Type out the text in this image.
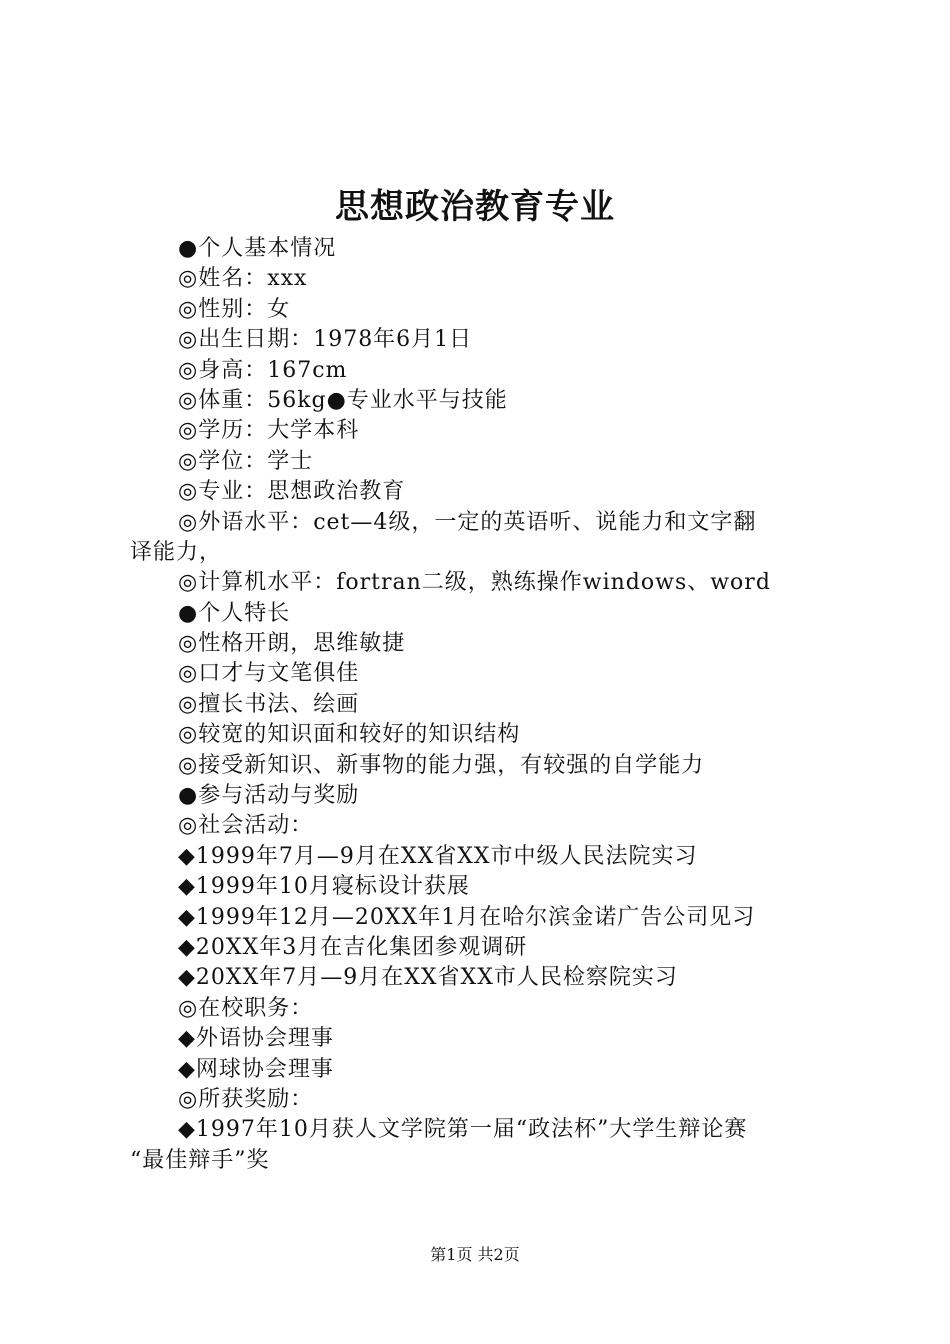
思想政治教育专业
●个人基本情况
◎姓名：xxx
◎性别：女
◎出生日期：1978年6月1日
◎身高：167cm
◎体重：56kg●专业水平与技能
◎学历：大学本科
◎学位：学士
◎专业：思想政治教育
◎外语水平：cet—4级，一定的英语听、说能力和文字翻
译能力，
◎计算机水平：fortran二级，熟练操作windows、word
●个人特长
◎性格开朗，思维敏捷
◎口才与文笔俱佳
◎擅长书法、绘画
◎较宽的知识面和较好的知识结构
◎接受新知识、新事物的能力强，有较强的自学能力
●参与活动与奖励
◎社会活动：
◆1999年7月—9月在XX省XX市中级人民法院实习
◆1999年10月寝标设计获展
◆1999年12月—20XX年1月在哈尔滨金诺广告公司见习
◆20XX年3月在吉化集团参观调研
◆20XX年7月—9月在XX省XX市人民检察院实习
◎在校职务：
◆外语协会理事
◆网球协会理事
◎所获奖励：
◆1997年10月获人文学院第一届“政法杯”大学生辩论赛
“最佳辩手”奖
第1页 共2页
